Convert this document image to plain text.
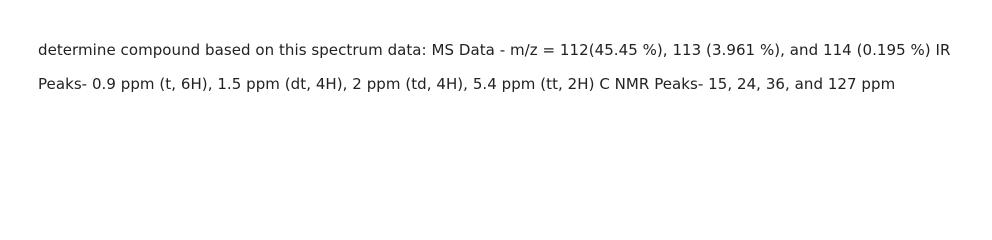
determine compound based on this spectrum data: MS Data - m/z = 112(45.45 %), 113 (3.961 %), and 114 (0.195 %) IR
Peaks- 0.9 ppm (t, 6H), 1.5 ppm (dt, 4H), 2 ppm (td, 4H), 5.4 ppm (tt, 2H) C NMR Peaks- 15, 24, 36, and 127 ppm
